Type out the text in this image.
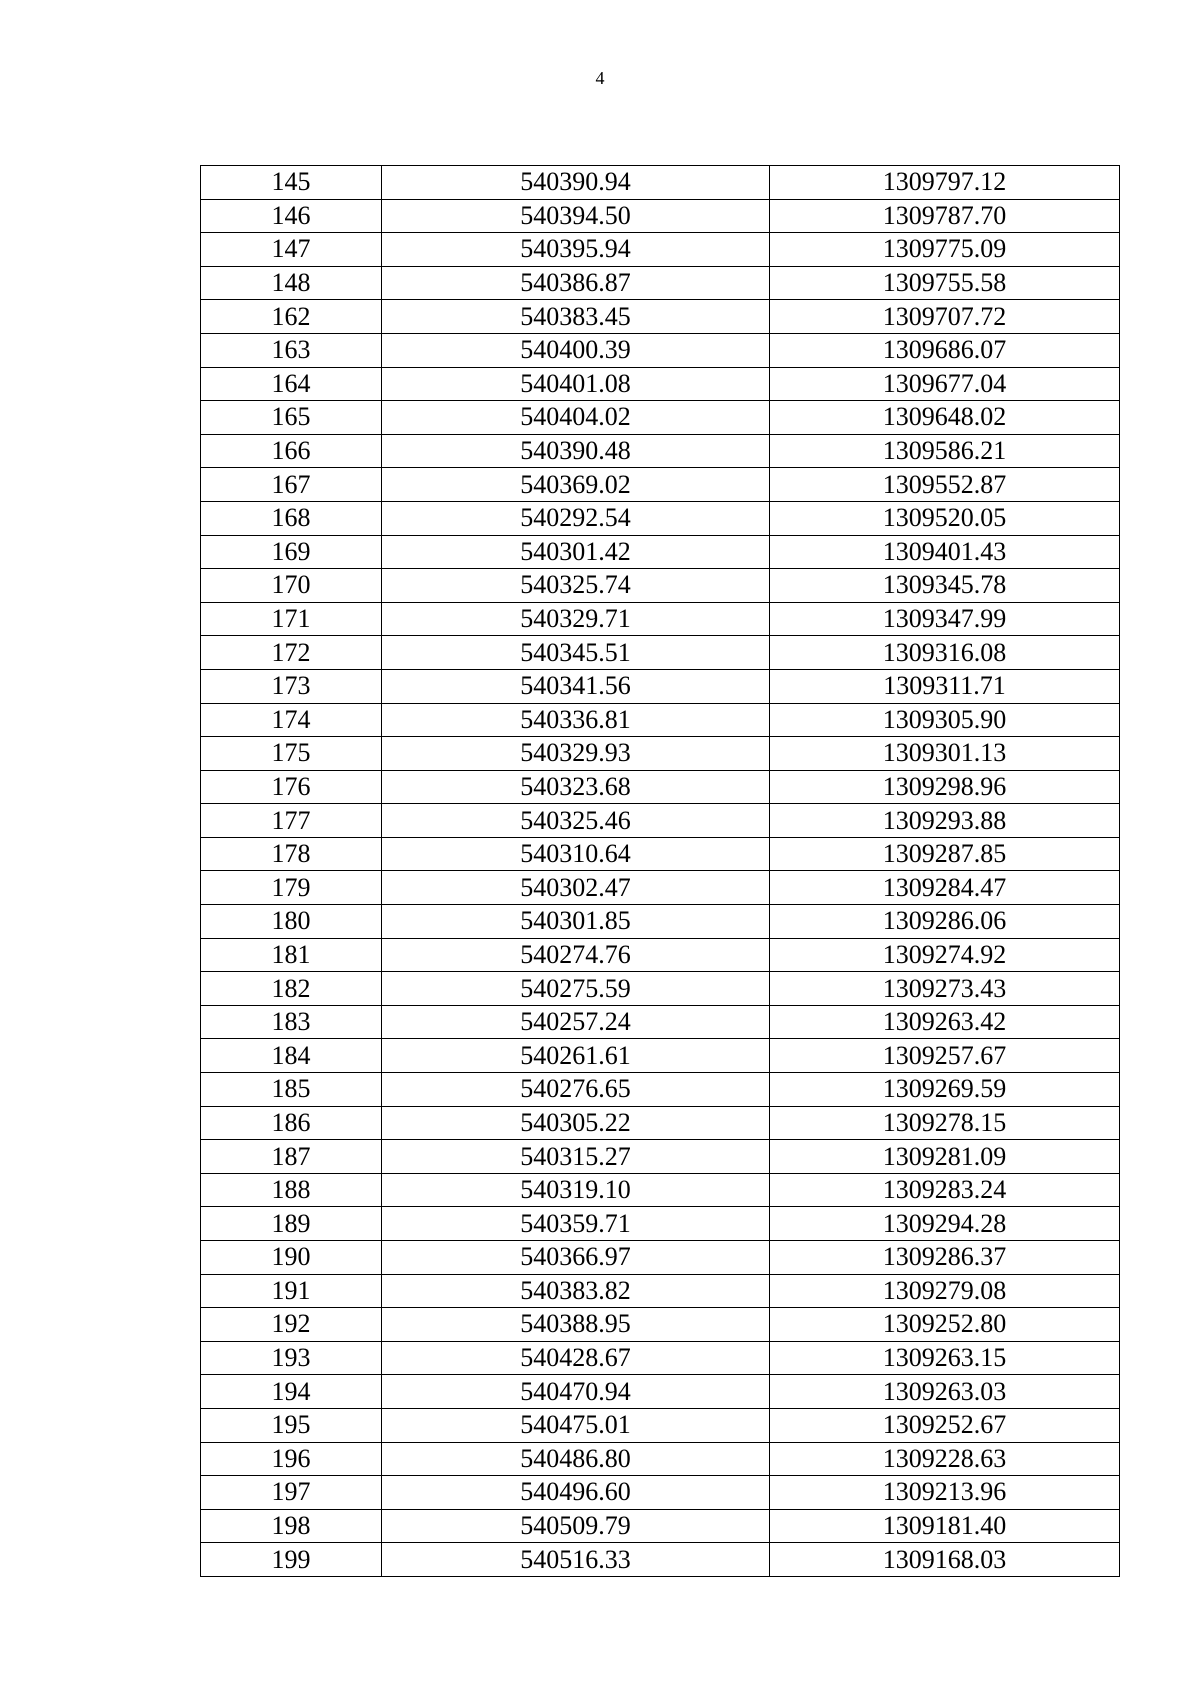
4
145	540390.94	1309797.12
146	540394.50	1309787.70
147	540395.94	1309775.09
148	540386.87	1309755.58
162	540383.45	1309707.72
163	540400.39	1309686.07
164	540401.08	1309677.04
165	540404.02	1309648.02
166	540390.48	1309586.21
167	540369.02	1309552.87
168	540292.54	1309520.05
169	540301.42	1309401.43
170	540325.74	1309345.78
171	540329.71	1309347.99
172	540345.51	1309316.08
173	540341.56	1309311.71
174	540336.81	1309305.90
175	540329.93	1309301.13
176	540323.68	1309298.96
177	540325.46	1309293.88
178	540310.64	1309287.85
179	540302.47	1309284.47
180	540301.85	1309286.06
181	540274.76	1309274.92
182	540275.59	1309273.43
183	540257.24	1309263.42
184	540261.61	1309257.67
185	540276.65	1309269.59
186	540305.22	1309278.15
187	540315.27	1309281.09
188	540319.10	1309283.24
189	540359.71	1309294.28
190	540366.97	1309286.37
191	540383.82	1309279.08
192	540388.95	1309252.80
193	540428.67	1309263.15
194	540470.94	1309263.03
195	540475.01	1309252.67
196	540486.80	1309228.63
197	540496.60	1309213.96
198	540509.79	1309181.40
199	540516.33	1309168.03
